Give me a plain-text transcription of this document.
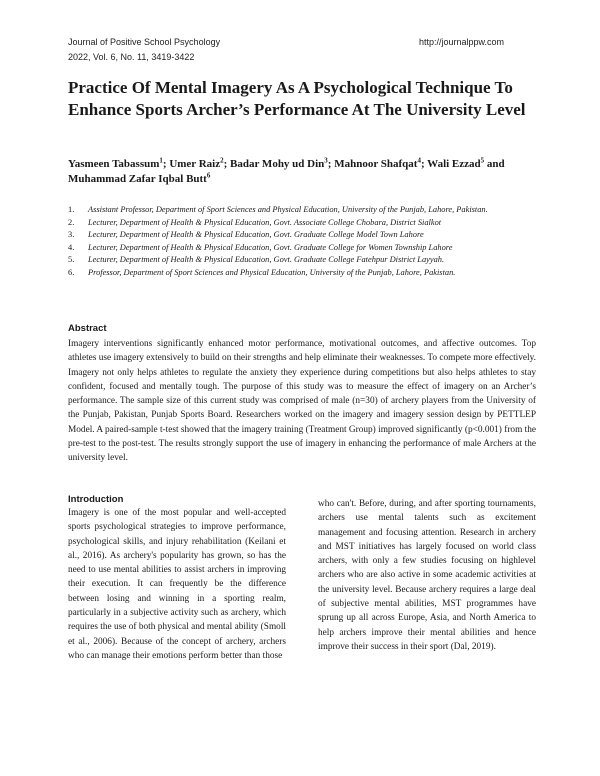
Journal of Positive School Psychology	http://journalppw.com
2022, Vol. 6, No. 11, 3419-3422
Practice Of Mental Imagery As A Psychological Technique To Enhance Sports Archer’s Performance At The University Level
Yasmeen Tabassum$^1$; Umer Raiz$^2$; Badar Mohy ud Din$^3$; Mahnoor Shafqat$^4$; Wali Ezzad$^5$ and Muhammad Zafar Iqbal Butt$^6$
1.	Assistant Professor, Department of Sport Sciences and Physical Education, University of the Punjab, Lahore, Pakistan.
2.	Lecturer, Department of Health & Physical Education, Govt. Associate College Chobara, District Sialkot
3.	Lecturer, Department of Health & Physical Education, Govt. Graduate College Model Town Lahore
4.	Lecturer, Department of Health & Physical Education, Govt. Graduate College for Women Township Lahore
5.	Lecturer, Department of Health & Physical Education, Govt. Graduate College Fatehpur District Layyah.
6.	Professor, Department of Sport Sciences and Physical Education, University of the Punjab, Lahore, Pakistan.
Abstract

Imagery interventions significantly enhanced motor performance, motivational outcomes, and affective outcomes. Top athletes use imagery extensively to build on their strengths and help eliminate their weaknesses. To compete more effectively. Imagery not only helps athletes to regulate the anxiety they experience during competitions but also helps athletes to stay confident, focused and mentally tough. The purpose of this study was to measure the effect of imagery on an Archer’s performance. The sample size of this current study was comprised of male (n=30) of archery players from the University of the Punjab, Pakistan, Punjab Sports Board. Researchers worked on the imagery and imagery session design by PETTLEP Model. A paired-sample t-test showed that the imagery training (Treatment Group) improved significantly (p<0.001) from the pre-test to the post-test. The results strongly support the use of imagery in enhancing the performance of male Archers at the university level.

Introduction

Imagery is one of the most popular and well-accepted sports psychological strategies to improve performance, psychological skills, and injury rehabilitation (Keilani et al., 2016). As archery's popularity has grown, so has the need to use mental abilities to assist archers in improving their execution. It can frequently be the difference between losing and winning in a sporting realm, particularly in a subjective activity such as archery, which requires the use of both physical and mental ability (Smoll et al., 2006). Because of the concept of archery, archers who can manage their emotions perform better than those

who can't. Before, during, and after sporting tournaments, archers use mental talents such as excitement management and focusing attention. Research in archery and MST initiatives has largely focused on world class archers, with only a few studies focusing on highlevel archers who are also active in some academic activities at the university level. Because archery requires a large deal of subjective mental abilities, MST programmes have sprung up all across Europe, Asia, and North America to help archers improve their mental abilities and hence improve their success in their sport (Dal, 2019).
